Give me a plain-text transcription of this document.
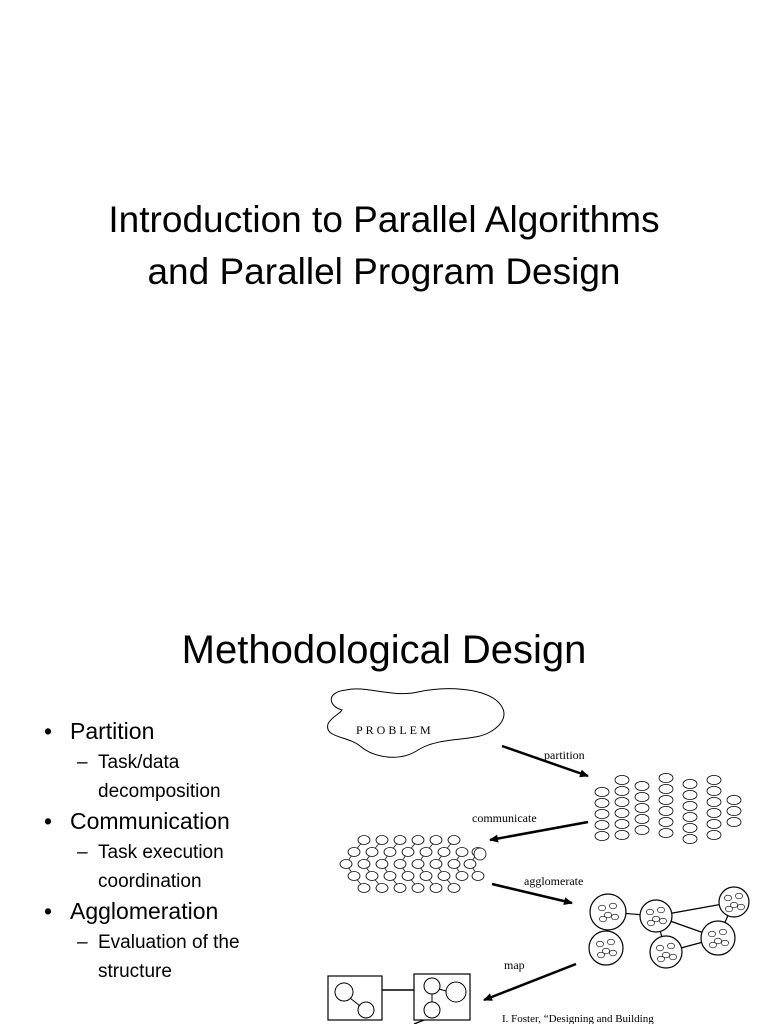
Introduction to Parallel Algorithms
and Parallel Program Design
Methodological Design
• Partition
– Task/data
decomposition
• Communication
– Task execution
coordination
• Agglomeration
– Evaluation of the
structure
PROBLEM
partition
communicate
agglomerate
map
I. Foster, “Designing and Building
